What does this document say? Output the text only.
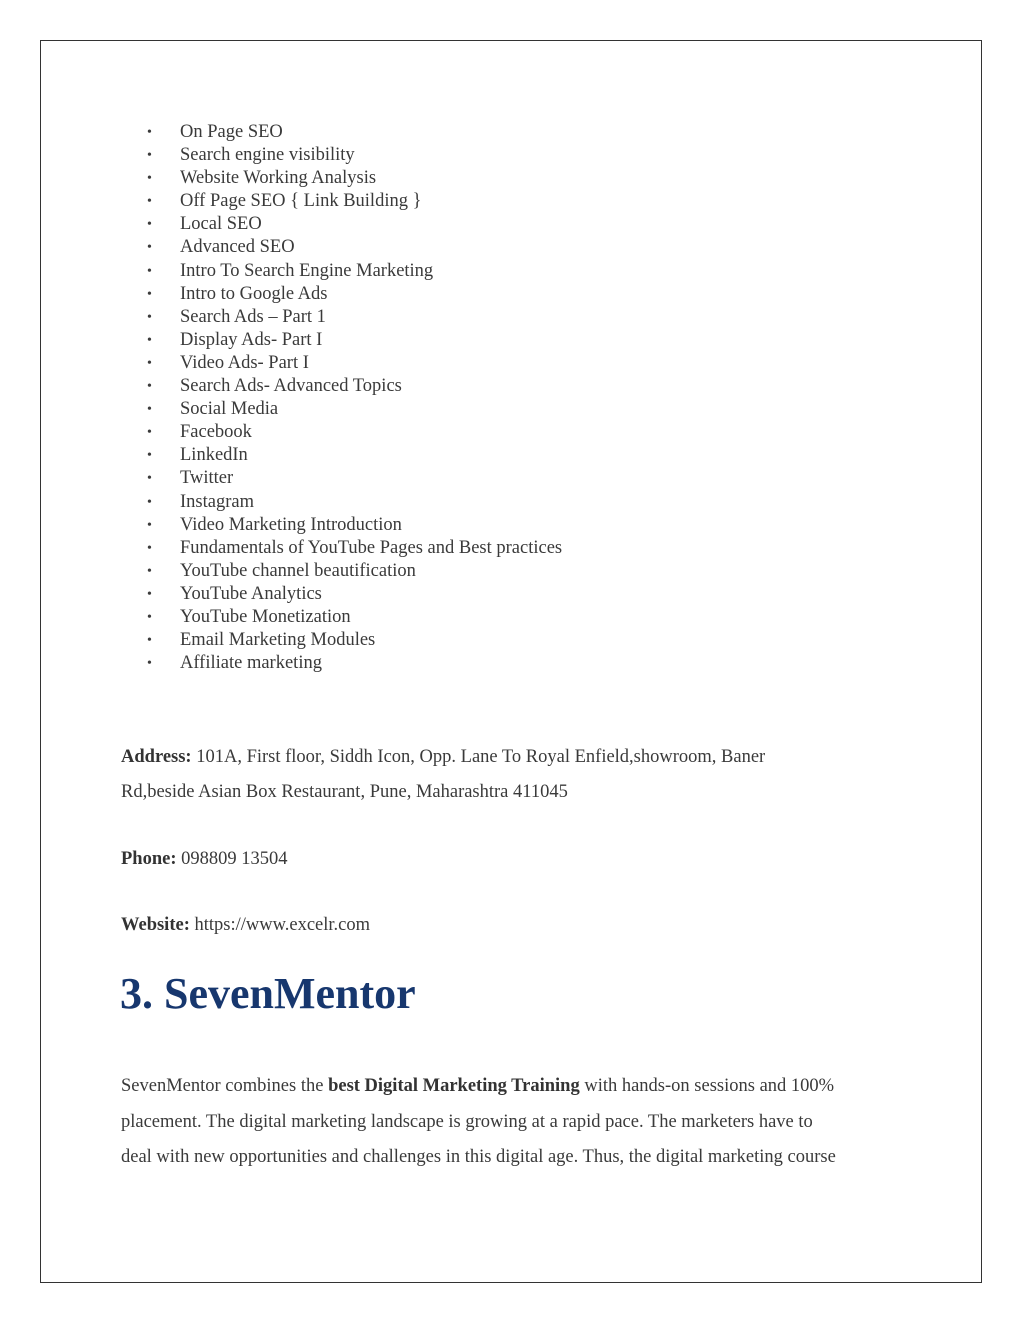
• On Page SEO
• Search engine visibility
• Website Working Analysis
• Off Page SEO { Link Building }
• Local SEO
• Advanced SEO
• Intro To Search Engine Marketing
• Intro to Google Ads
• Search Ads – Part 1
• Display Ads- Part I
• Video Ads- Part I
• Search Ads- Advanced Topics
• Social Media
• Facebook
• LinkedIn
• Twitter
• Instagram
• Video Marketing Introduction
• Fundamentals of YouTube Pages and Best practices
• YouTube channel beautification
• YouTube Analytics
• YouTube Monetization
• Email Marketing Modules
• Affiliate marketing
Address: 101A, First floor, Siddh Icon, Opp. Lane To Royal Enfield,showroom, Baner
Rd,beside Asian Box Restaurant, Pune, Maharashtra 411045
Phone: 098809 13504
Website: https://www.excelr.com
3. SevenMentor
SevenMentor combines the best Digital Marketing Training with hands-on sessions and 100%
placement. The digital marketing landscape is growing at a rapid pace. The marketers have to
deal with new opportunities and challenges in this digital age. Thus, the digital marketing course
